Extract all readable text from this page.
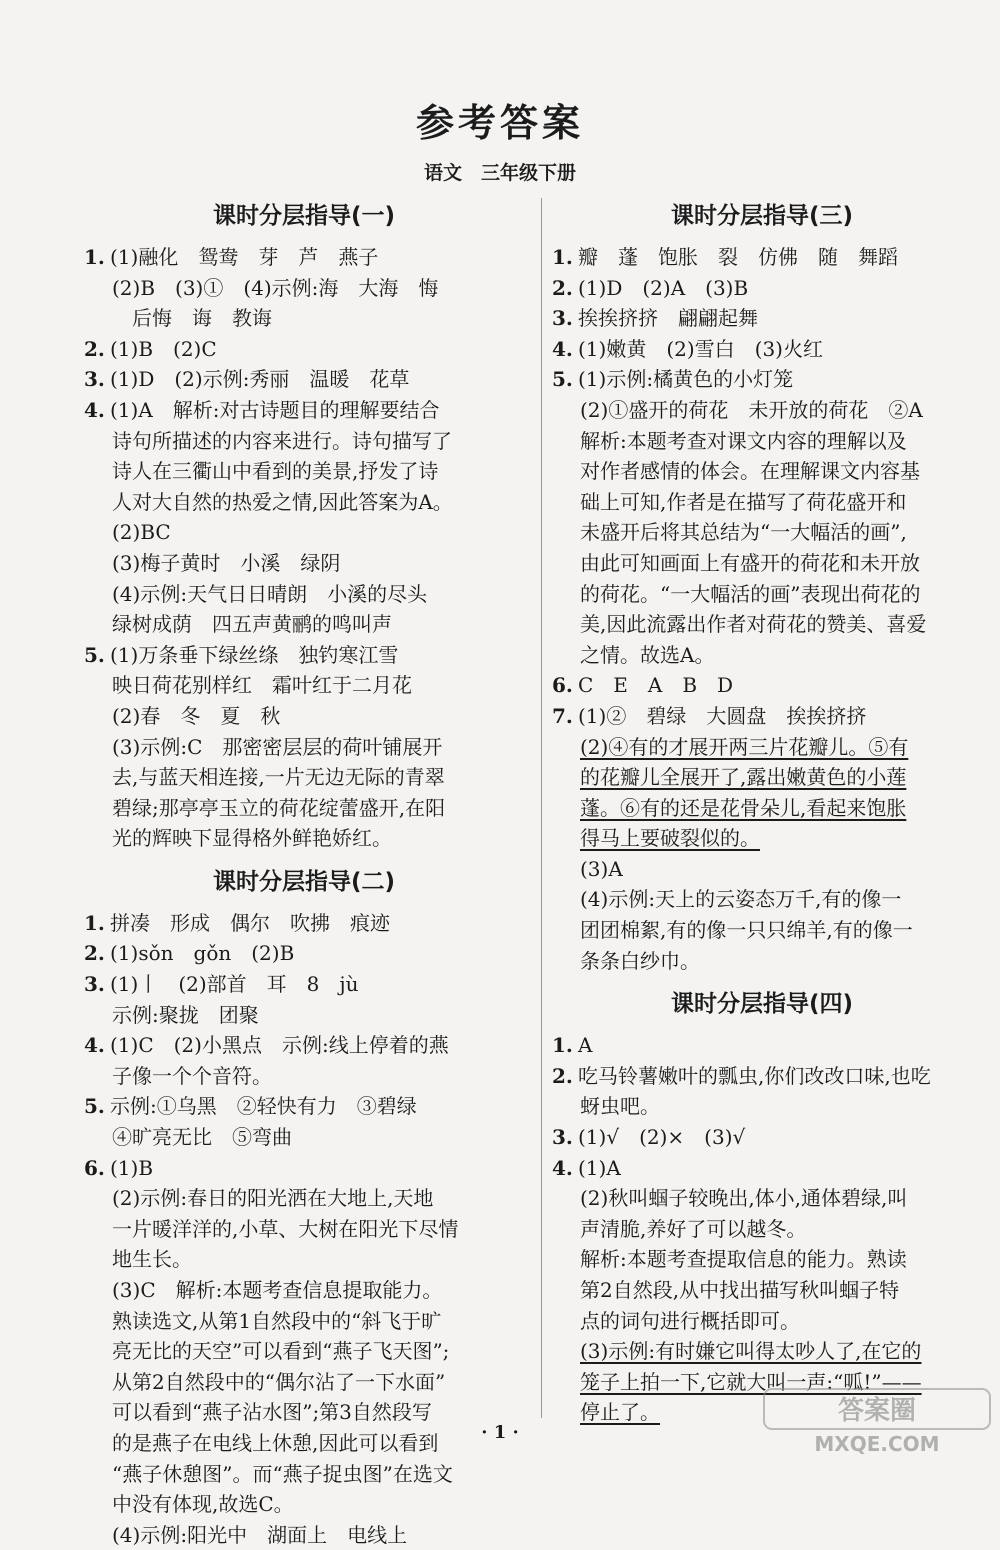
参考答案
语文　三年级下册
课时分层指导(一)
1. (1)融化　鸳鸯　芽　芦　燕子
(2)B　(3)①　(4)示例:海　大海　悔
　后悔　诲　教诲
2. (1)B　(2)C
3. (1)D　(2)示例:秀丽　温暖　花草
4. (1)A　解析:对古诗题目的理解要结合
诗句所描述的内容来进行。诗句描写了
诗人在三衢山中看到的美景,抒发了诗
人对大自然的热爱之情,因此答案为A。
(2)BC
(3)梅子黄时　小溪　绿阴
(4)示例:天气日日晴朗　小溪的尽头
绿树成荫　四五声黄鹂的鸣叫声
5. (1)万条垂下绿丝绦　独钓寒江雪
映日荷花别样红　霜叶红于二月花
(2)春　冬　夏　秋
(3)示例:C　那密密层层的荷叶铺展开
去,与蓝天相连接,一片无边无际的青翠
碧绿;那亭亭玉立的荷花绽蕾盛开,在阳
光的辉映下显得格外鲜艳娇红。
课时分层指导(二)
1. 拼凑　形成　偶尔　吹拂　痕迹
2. (1)sǒn　gǒn　(2)B
3. (1)丨　(2)部首　耳　8　jù
示例:聚拢　团聚
4. (1)C　(2)小黑点　示例:线上停着的燕
子像一个个音符。
5. 示例:①乌黑　②轻快有力　③碧绿
④旷亮无比　⑤弯曲
6. (1)B
(2)示例:春日的阳光洒在大地上,天地
一片暖洋洋的,小草、大树在阳光下尽情
地生长。
(3)C　解析:本题考查信息提取能力。
熟读选文,从第1自然段中的“斜飞于旷
亮无比的天空”可以看到“燕子飞天图”;
从第2自然段中的“偶尔沾了一下水面”
可以看到“燕子沾水图”;第3自然段写
的是燕子在电线上休憩,因此可以看到
“燕子休憩图”。而“燕子捉虫图”在选文
中没有体现,故选C。
(4)示例:阳光中　湖面上　电线上
课时分层指导(三)
1. 瓣　蓬　饱胀　裂　仿佛　随　舞蹈
2. (1)D　(2)A　(3)B
3. 挨挨挤挤　翩翩起舞
4. (1)嫩黄　(2)雪白　(3)火红
5. (1)示例:橘黄色的小灯笼
(2)①盛开的荷花　未开放的荷花　②A
解析:本题考查对课文内容的理解以及
对作者感情的体会。在理解课文内容基
础上可知,作者是在描写了荷花盛开和
未盛开后将其总结为“一大幅活的画”,
由此可知画面上有盛开的荷花和未开放
的荷花。“一大幅活的画”表现出荷花的
美,因此流露出作者对荷花的赞美、喜爱
之情。故选A。
6. C　E　A　B　D
7. (1)②　碧绿　大圆盘　挨挨挤挤
(2)④有的才展开两三片花瓣儿。⑤有
的花瓣儿全展开了,露出嫩黄色的小莲
蓬。⑥有的还是花骨朵儿,看起来饱胀
得马上要破裂似的。
(3)A
(4)示例:天上的云姿态万千,有的像一
团团棉絮,有的像一只只绵羊,有的像一
条条白纱巾。
课时分层指导(四)
1. A
2. 吃马铃薯嫩叶的瓢虫,你们改改口味,也吃
蚜虫吧。
3. (1)√　(2)×　(3)√
4. (1)A
(2)秋叫蝈子较晚出,体小,通体碧绿,叫
声清脆,养好了可以越冬。
解析:本题考查提取信息的能力。熟读
第2自然段,从中找出描写秋叫蝈子特
点的词句进行概括即可。
(3)示例:有时嫌它叫得太吵人了,在它的
笼子上拍一下,它就大叫一声:“呱!”——
停止了。
· 1 ·
答案圈
MXQE.COM
